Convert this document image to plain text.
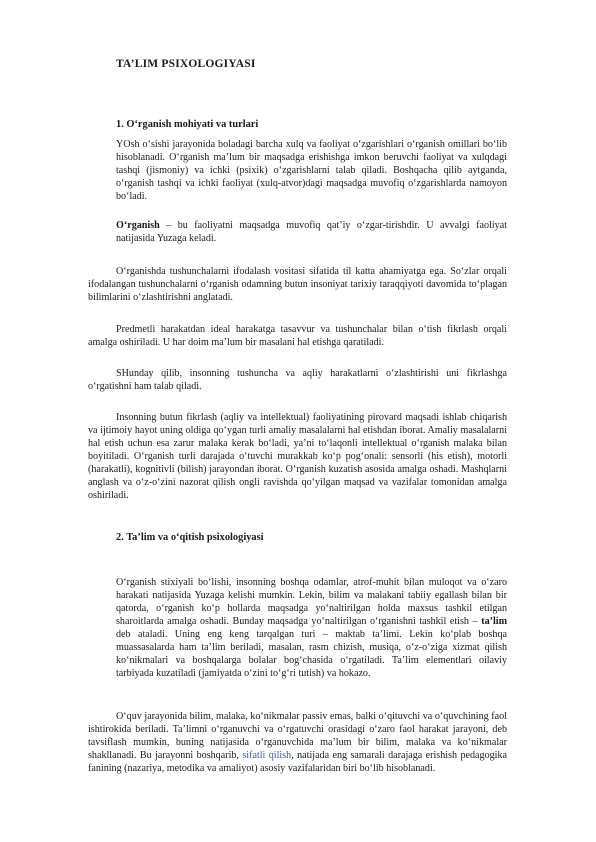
TA’LIM PSIXOLOGIYASI
1. O‘rganish mohiyati va turlari

YOsh o‘sishi jarayonida boladagi barcha xulq va faoliyat o‘zgarishlari o‘rganish omillari bo‘lib hisoblanadi. O‘rganish ma’lum bir maqsadga erishishga imkon beruvchi faoliyat va xulqdagi tashqi (jismoniy) va ichki (psixik) o‘zgarishlarni talab qiladi. Boshqacha qilib aytganda, o‘rganish tashqi va ichki faoliyat (xulq-atvor)dagi maqsadga muvofiq o‘zgarishlarda namoyon bo‘ladi.

O‘rganish – bu faoliyatni maqsadga muvofiq qat’iy o‘zgar-tirishdir. U avvalgi faoliyat natijasida Yuzaga keladi.

O‘rganishda tushunchalarni ifodalash vositasi sifatida til katta ahamiyatga ega. So‘zlar orqali ifodalangan tushunchalarni o‘rganish odamning butun insoniyat tarixiy taraqqiyoti davomida to‘plagan bilimlarini o‘zlashtirishni anglatadi.

Predmetli harakatdan ideal harakatga tasavvur va tushunchalar bilan o‘tish fikrlash orqali amalga oshiriladi. U har doim ma’lum bir masalani hal etishga qaratiladi.

SHunday qilib, insonning tushuncha va aqliy harakatlarni o‘zlashtirishi uni fikrlashga o‘rgatishni ham talab qiladi.

Insonning butun fikrlash (aqliy va intellektual) faoliyatining pirovard maqsadi ishlab chiqarish va ijtimoiy hayot uning oldiga qo‘ygan turli amaliy masalalarni hal etishdan iborat. Amaliy masalalarni hal etish uchun esa zarur malaka kerak bo‘ladi, ya’ni to‘laqonli intellektual o‘rganish malaka bilan boyitiladi. O‘rganish turli darajada o‘tuvchi murakkab ko‘p pog‘onali: sensorli (his etish), motorli (harakatli), kognitivli (bilish) jarayondan iborat. O‘rganish kuzatish asosida amalga oshadi. Mashqlarni anglash va o‘z-o‘zini nazorat qilish ongli ravishda qo‘yilgan maqsad va vazifalar tomonidan amalga oshiriladi.

2. Ta’lim va o‘qitish psixologiyasi

O‘rganish stixiyali bo‘lishi, insonning boshqa odamlar, atrof-muhit bilan muloqot va o‘zaro harakati natijasida Yuzaga kelishi mumkin. Lekin, bilim va malakani tabiiy egallash bilan bir qatorda, o‘rganish ko‘p hollarda maqsadga yo‘naltirilgan holda maxsus tashkil etilgan sharoitlarda amalga oshadi. Bunday maqsadga yo‘naltirilgan o‘rganishni tashkil etish – ta’lim deb ataladi. Uning eng keng tarqalgan turi – maktab ta’limi. Lekin ko‘plab boshqa muassasalarda ham ta’lim beriladi, masalan, rasm chizish, musiqa, o‘z-o‘ziga xizmat qilish ko‘nikmalari va boshqalarga bolalar bog‘chasida o‘rgatiladi. Ta’lim elementlari oilaviy tarbiyada kuzatiladi (jamiyatda o‘zini to‘g‘ri tutish) va hokazo.

O‘quv jarayonida bilim, malaka, ko‘nikmalar passiv emas, balki o‘qituvchi va o‘quvchining faol ishtirokida beriladi. Ta’limni o‘rganuvchi va o‘rgatuvchi orasidagi o‘zaro faol harakat jarayoni, deb tavsiflash mumkin, buning natijasida o‘rganuvchida ma’lum bir bilim, malaka va ko‘nikmalar shakllanadi. Bu jarayonni boshqarib, sifatli qilish, natijada eng samarali darajaga erishish pedagogika fanining (nazariya, metodika va amaliyot) asosiy vazifalaridan biri bo‘lib hisoblanadi.
